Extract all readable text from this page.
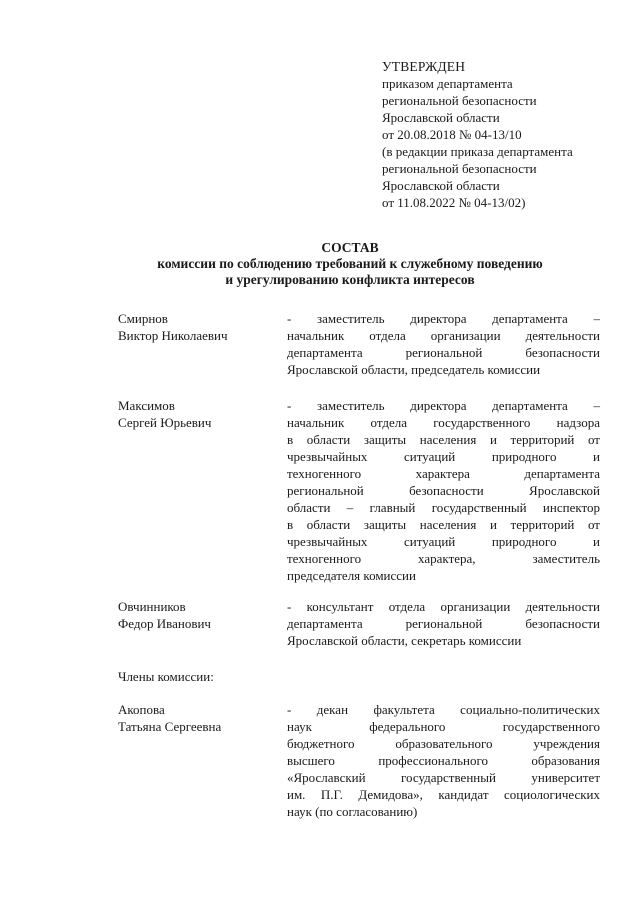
УТВЕРЖДЕН
приказом департамента
региональной безопасности
Ярославской области
от 20.08.2018 № 04-13/10
(в редакции приказа департамента
региональной безопасности
Ярославской области
от 11.08.2022 № 04-13/02)
СОСТАВ
комиссии по соблюдению требований к служебному поведению
и урегулированию конфликта интересов
Смирнов
Виктор Николаевич
- заместитель директора департамента –
начальник отдела организации деятельности
департамента региональной безопасности
Ярославской области, председатель комиссии
Максимов
Сергей Юрьевич
- заместитель директора департамента –
начальник отдела государственного надзора
в области защиты населения и территорий от
чрезвычайных ситуаций природного и
техногенного характера департамента
региональной безопасности Ярославской
области – главный государственный инспектор
в области защиты населения и территорий от
чрезвычайных ситуаций природного и
техногенного характера, заместитель
председателя комиссии
Овчинников
Федор Иванович
- консультант отдела организации деятельности
департамента региональной безопасности
Ярославской области, секретарь комиссии
Члены комиссии:
Акопова
Татьяна Сергеевна
- декан факультета социально-политических
наук федерального государственного
бюджетного образовательного учреждения
высшего профессионального образования
«Ярославский государственный университет
им. П.Г. Демидова», кандидат социологических
наук (по согласованию)
